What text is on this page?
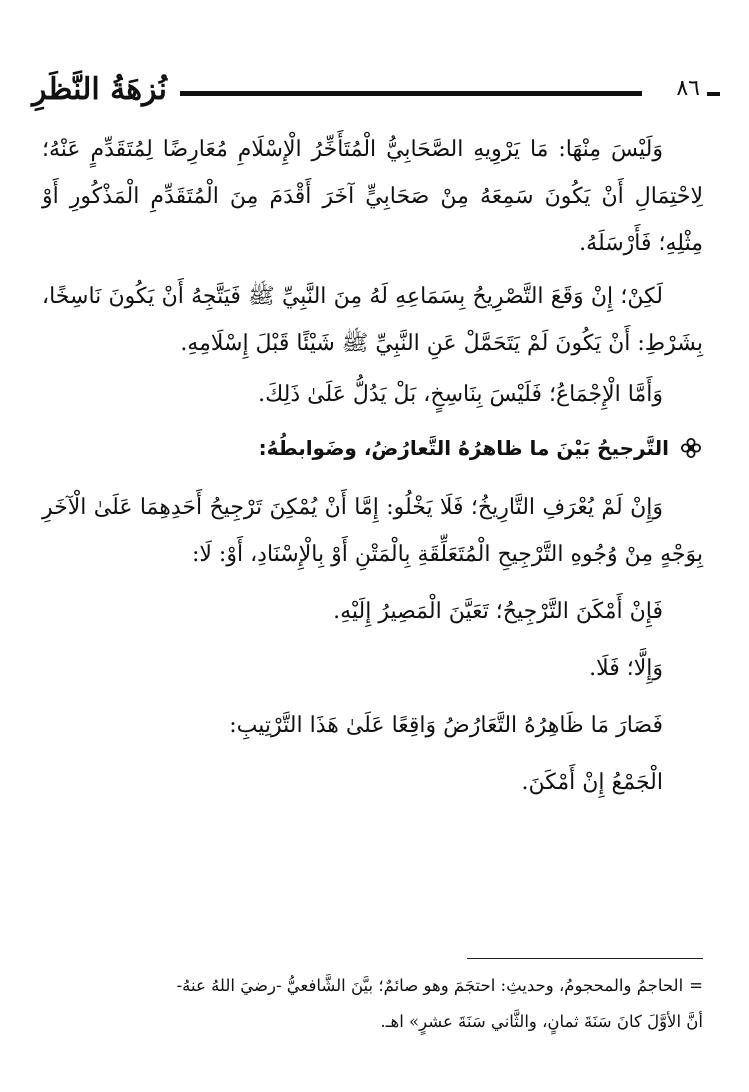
نُزهَةُ النَّظَرِ	٨٦

وَلَيْسَ مِنْهَا: مَا يَرْوِيهِ الصَّحَابِيُّ الْمُتَأَخِّرُ الْإِسْلَامِ مُعَارِضًا لِمُتَقَدِّمٍ عَنْهُ؛ لِاحْتِمَالِ أَنْ يَكُونَ سَمِعَهُ مِنْ صَحَابِيٍّ آخَرَ أَقْدَمَ مِنَ الْمُتَقَدِّمِ الْمَذْكُورِ أَوْ مِثْلِهِ؛ فَأَرْسَلَهُ.

لَكِنْ؛ إِنْ وَقَعَ التَّصْرِيحُ بِسَمَاعِهِ لَهُ مِنَ النَّبِيِّ ﷺ فَيَتَّجِهُ أَنْ يَكُونَ نَاسِخًا، بِشَرْطِ: أَنْ يَكُونَ لَمْ يَتَحَمَّلْ عَنِ النَّبِيِّ ﷺ شَيْئًا قَبْلَ إِسْلَامِهِ.

وَأَمَّا الْإِجْمَاعُ؛ فَلَيْسَ بِنَاسِخٍ، بَلْ يَدُلُّ عَلَىٰ ذَلِكَ.

التَّرجيحُ بَيْنَ ما ظاهرُهُ التَّعارُضُ، وضَوابطُهُ:

وَإِنْ لَمْ يُعْرَفِ التَّارِيخُ؛ فَلَا يَخْلُو: إِمَّا أَنْ يُمْكِنَ تَرْجِيحُ أَحَدِهِمَا عَلَىٰ الْآخَرِ بِوَجْهٍ مِنْ وُجُوهِ التَّرْجِيحِ الْمُتَعَلِّقَةِ بِالْمَتْنِ أَوْ بِالْإِسْنَادِ، أَوْ: لَا:

فَإِنْ أَمْكَنَ التَّرْجِيحُ؛ تَعَيَّنَ الْمَصِيرُ إِلَيْهِ.

وَإِلَّا؛ فَلَا.

فَصَارَ مَا ظَاهِرُهُ التَّعَارُضُ وَاقِعًا عَلَىٰ هَذَا التَّرْتِيبِ:

الْجَمْعُ إِنْ أَمْكَنَ.

=الحاجمُ والمحجومُ، وحديثِ: احتجَمَ وهو صائمٌ؛ بيَّنَ الشَّافعيُّ -رضيَ اللهُ عنهُ-

أنَّ الأوَّلَ كانَ سَنَةَ ثمانٍ، والثَّاني سَنَةَ عشرٍ» اهـ.
